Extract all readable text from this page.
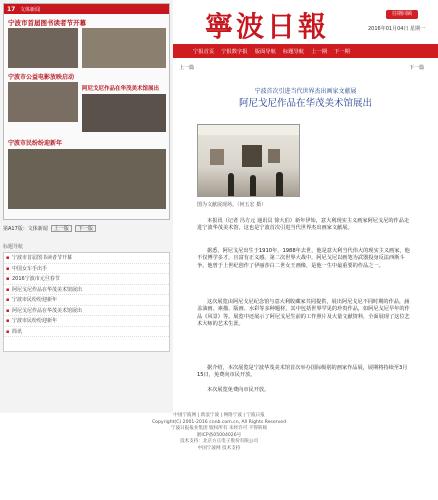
17 文体新闻
宁波市首届图书读者节开幕
宁波市公益电影放映启动
阿尼戈尼作品在华茂美术馆展出
宁波市民纷纷迎新年
第A17版：文体新闻	上一版	下一版
标题导航
▪ 宁波市首届图书读者节开幕
▪ 中国女车手出手
▪ 2016宁波市元旦春节
▪ 阿尼戈尼作品在华茂美术馆展出
▪ 宁波市民纷纷迎新年
▪ 阿尼戈尼作品在华茂美术馆展出
▪ 宁波市民纷纷迎新年
▪ 简讯
寧波日報	往期回顾
2016年01月04日 星期一
宁报首页 宁报数字报 版面导航 标题导航 上一期 下一期
上一篇	下一篇
宁波首次引进当代世界杰出画家文献展
阿尼戈尼作品在华茂美术馆展出
图为文献展现场。（何五宏 摄）
本报讯（记者 冯方元 通讯员 徐大伯）新年伊始，意大利现实主义画家阿尼戈尼的作品走进宁波华茂美术馆，这也是宁波首次引进当代世界杰出画家文献展。
据悉，阿尼戈尼出生于1910年，1988年去世，他是意大利当代伟大的现实主义画家，他不仅博学多才，且富有正义感。第二次世界大战中，阿尼戈尼以画笔为武器投身反法西斯斗争。他曾于上世纪创作了伊丽莎白二世女王画像，是他一生中最重要的作品之一。
这次展览由阿尼戈尼纪念馆与意大利收藏家共同提供，展出阿尼戈尼不同时期的作品，涵盖油画、素描、版画、水彩等多种题材，其中包括世界罕见的珍贵作品，如阿尼戈尼早年的作品《风景》等。展览中还展示了阿尼戈尼生前的工作照片及大量文献资料，全面展现了这位艺术大师的艺术生涯。
据介绍，本次展览是宁波华茂美术馆首次举办国际级别的画家作品展，展期将持续至3月15日，免费向市民开放。
本次展览免费向市民开放。
中国宁波网 | 新浪宁波 | 网络宁波 | 宁波日报
Copyright(C) 2001-2016 cnnb.com.cn, All Rights Reserved
宁波日报报业集团 版权所有 未经许可 不得转载
浙ICP备05004026号
技术支持：北京方正电子股份有限公司
中国宁波网 技术支持
